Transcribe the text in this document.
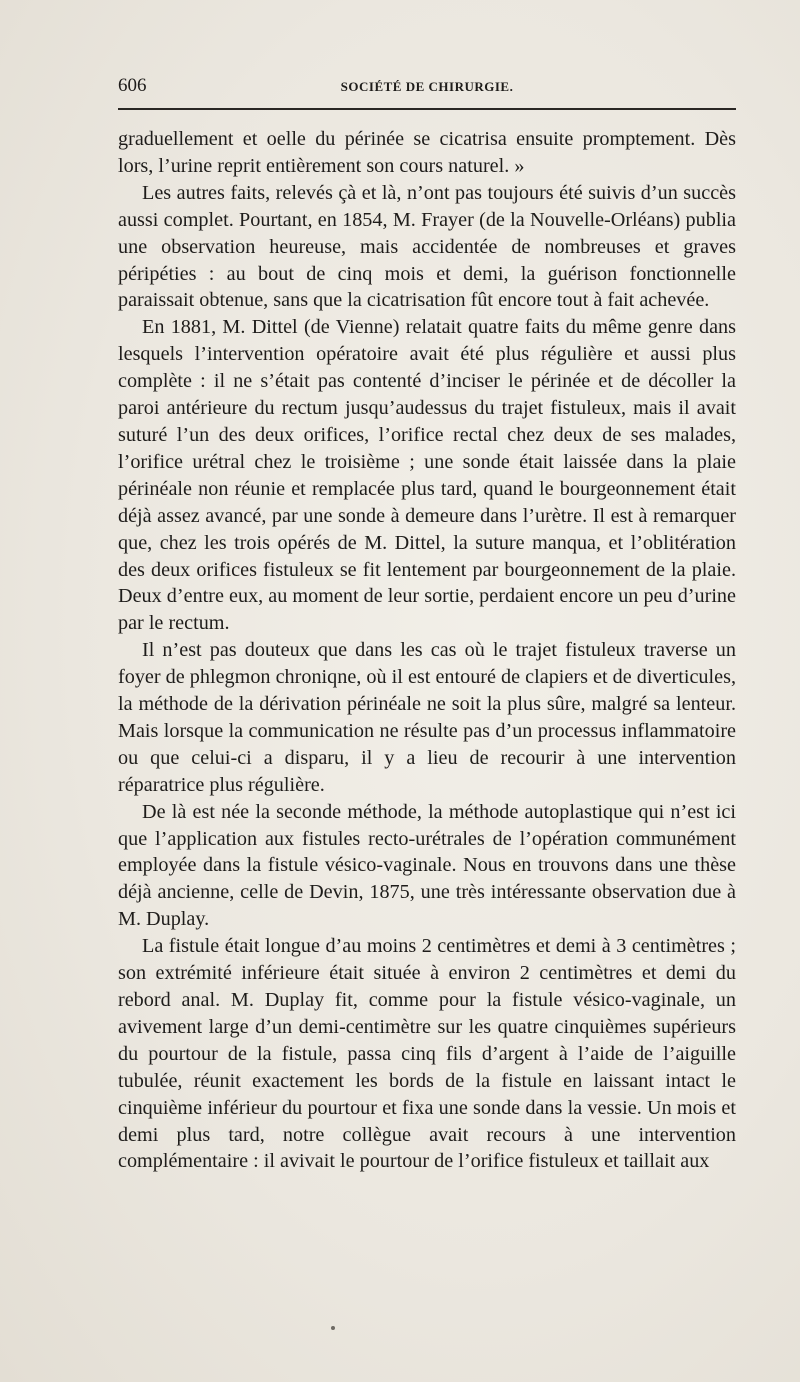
606	SOCIÉTÉ DE CHIRURGIE.

graduellement et oelle du périnée se cicatrisa ensuite promptement. Dès lors, l’urine reprit entièrement son cours naturel. »

Les autres faits, relevés çà et là, n’ont pas toujours été suivis d’un succès aussi complet. Pourtant, en 1854, M. Frayer (de la Nouvelle-Orléans) publia une observation heureuse, mais accidentée de nombreuses et graves péripéties : au bout de cinq mois et demi, la guérison fonctionnelle paraissait obtenue, sans que la cicatrisation fût encore tout à fait achevée.

En 1881, M. Dittel (de Vienne) relatait quatre faits du même genre dans lesquels l’intervention opératoire avait été plus régulière et aussi plus complète : il ne s’était pas contenté d’inciser le périnée et de décoller la paroi antérieure du rectum jusqu’audessus du trajet fistuleux, mais il avait suturé l’un des deux orifices, l’orifice rectal chez deux de ses malades, l’orifice urétral chez le troisième ; une sonde était laissée dans la plaie périnéale non réunie et remplacée plus tard, quand le bourgeonnement était déjà assez avancé, par une sonde à demeure dans l’urètre. Il est à remarquer que, chez les trois opérés de M. Dittel, la suture manqua, et l’oblitération des deux orifices fistuleux se fit lentement par bourgeonnement de la plaie. Deux d’entre eux, au moment de leur sortie, perdaient encore un peu d’urine par le rectum.

Il n’est pas douteux que dans les cas où le trajet fistuleux traverse un foyer de phlegmon chroniqne, où il est entouré de clapiers et de diverticules, la méthode de la dérivation périnéale ne soit la plus sûre, malgré sa lenteur. Mais lorsque la communication ne résulte pas d’un processus inflammatoire ou que celui-ci a disparu, il y a lieu de recourir à une intervention réparatrice plus régulière.

De là est née la seconde méthode, la méthode autoplastique qui n’est ici que l’application aux fistules recto-urétrales de l’opération communément employée dans la fistule vésico-vaginale. Nous en trouvons dans une thèse déjà ancienne, celle de Devin, 1875, une très intéressante observation due à M. Duplay.

La fistule était longue d’au moins 2 centimètres et demi à 3 centimètres ; son extrémité inférieure était située à environ 2 centimètres et demi du rebord anal. M. Duplay fit, comme pour la fistule vésico-vaginale, un avivement large d’un demi-centimètre sur les quatre cinquièmes supérieurs du pourtour de la fistule, passa cinq fils d’argent à l’aide de l’aiguille tubulée, réunit exactement les bords de la fistule en laissant intact le cinquième inférieur du pourtour et fixa une sonde dans la vessie. Un mois et demi plus tard, notre collègue avait recours à une intervention complémentaire : il avivait le pourtour de l’orifice fistuleux et taillait aux
